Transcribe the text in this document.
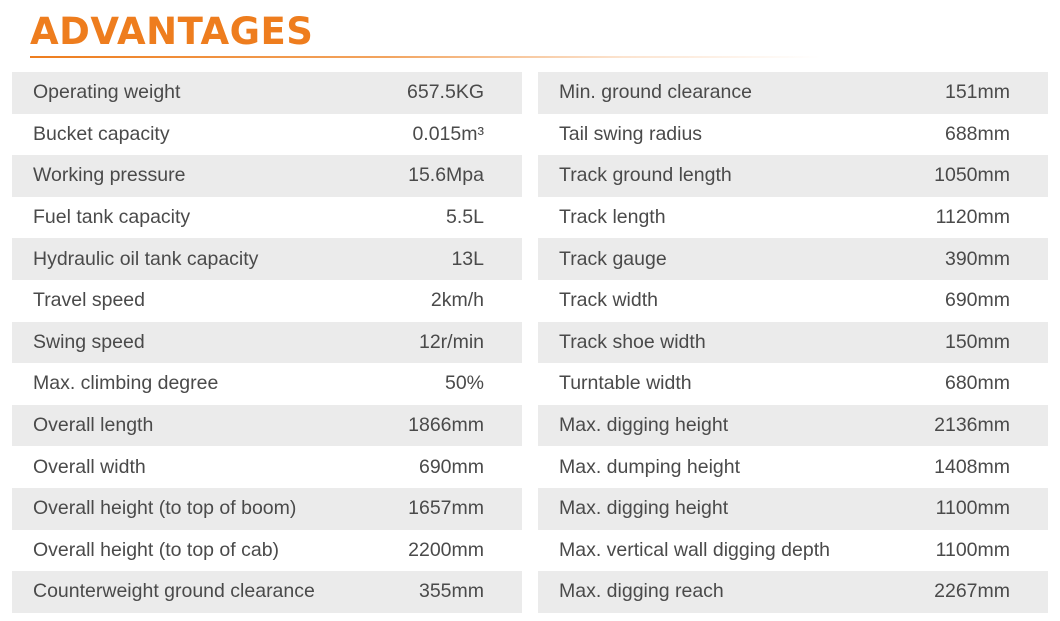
ADVANTAGES
Operating weight	657.5KG
Bucket capacity	0.015m³
Working pressure	15.6Mpa
Fuel tank capacity	5.5L
Hydraulic oil tank capacity	13L
Travel speed	2km/h
Swing speed	12r/min
Max. climbing degree	50%
Overall length	1866mm
Overall width	690mm
Overall height (to top of boom)	1657mm
Overall height (to top of cab)	2200mm
Counterweight ground clearance	355mm
Min. ground clearance	151mm
Tail swing radius	688mm
Track ground length	1050mm
Track length	1120mm
Track gauge	390mm
Track width	690mm
Track shoe width	150mm
Turntable width	680mm
Max. digging height	2136mm
Max. dumping height	1408mm
Max. digging height	1100mm
Max. vertical wall digging depth	1100mm
Max. digging reach	2267mm
